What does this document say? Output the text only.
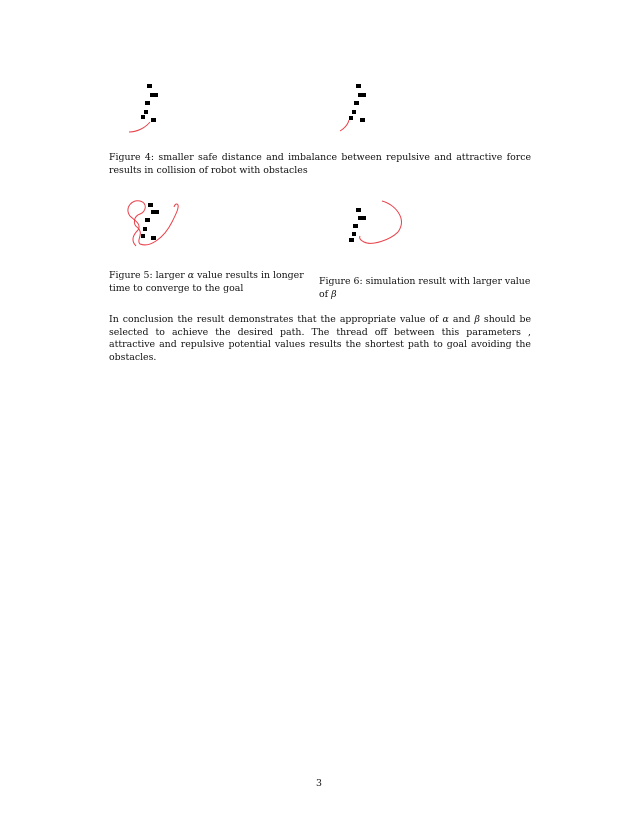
Figure 4: smaller safe distance and imbalance between repulsive and attractive force results in collision of robot with obstacles
Figure 5: larger α value results in longer time to converge to the goal
Figure 6: simulation result with larger value of β
In conclusion the result demonstrates that the appropriate value of α and β should be selected to achieve the desired path. The thread off between this parameters , attractive and repulsive potential values results the shortest path to goal avoiding the obstacles.
3
